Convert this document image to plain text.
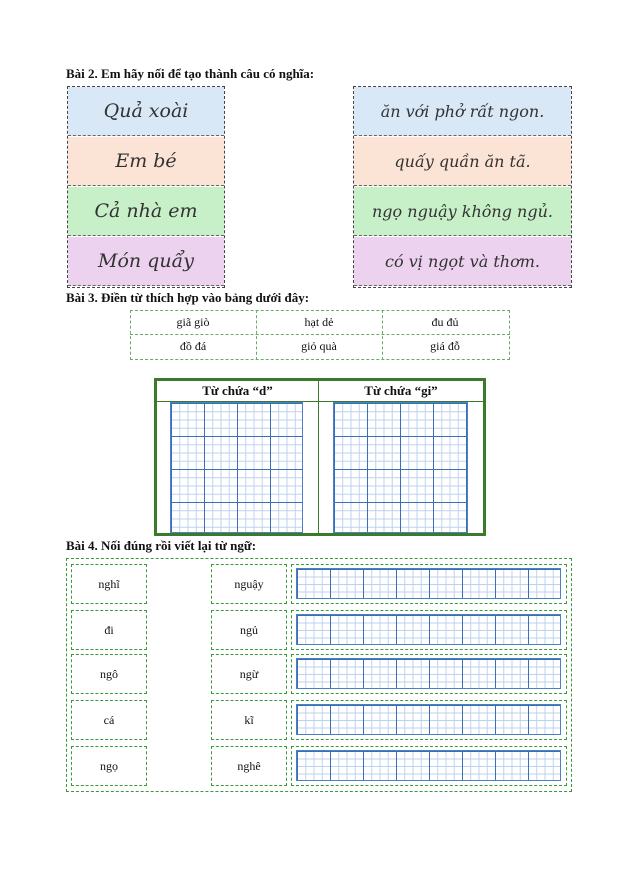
Bài 2. Em hãy nối để tạo thành câu có nghĩa:
Quả xoài
Em bé
Cả nhà em
Món quẩy
ăn với phở rất ngon.
quấy quần ăn tã.
ngọ nguậy không ngủ.
có vị ngọt và thơm.
Bài 3. Điền từ thích hợp vào bảng dưới đây:
giã giò	hạt dẻ	đu đủ
đồ đá	giỏ quà	giá đỗ
Từ chứa “d”	Từ chứa “gi”
Bài 4. Nối đúng rồi viết lại từ ngữ:
nghĩ	nguậy
đi	ngủ
ngô	ngừ
cá	kĩ
ngọ	nghê
